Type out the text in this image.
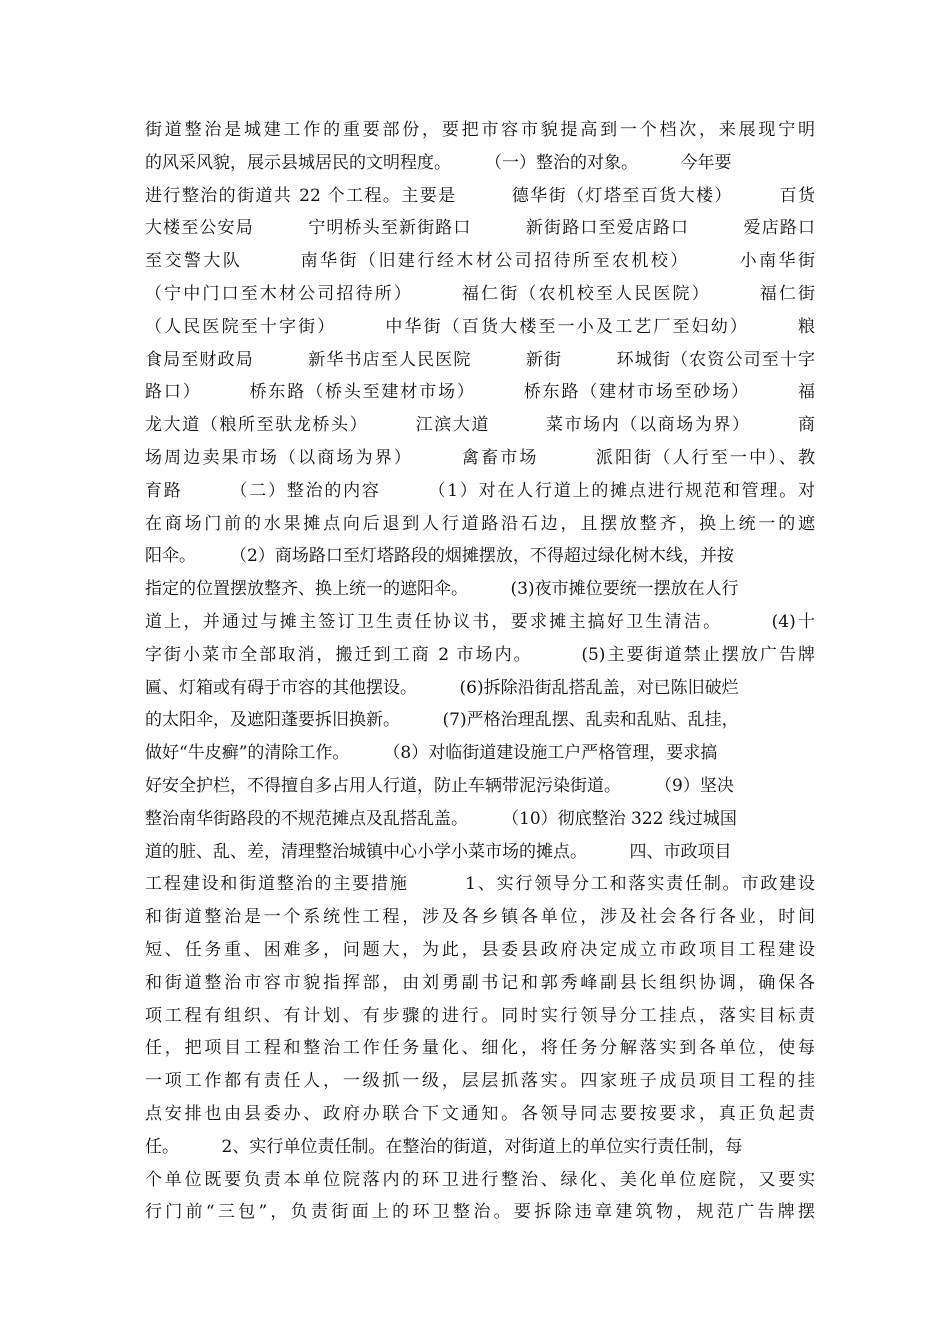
街道整治是城建工作的重要部份，要把市容市貌提高到一个档次，来展现宁明
的风采风貌，展示县城居民的文明程度。　　　（一）整治的对象。　　　今年要
进行整治的街道共 22 个工程。主要是　　　德华街（灯塔至百货大楼）　　　百货
大楼至公安局　　　宁明桥头至新街路口　　　新街路口至爱店路口　　　爱店路口
至交警大队　　　南华街（旧建行经木材公司招待所至农机校）　　　小南华街
（宁中门口至木材公司招待所）　　　福仁街（农机校至人民医院）　　　福仁街
（人民医院至十字街）　　　中华街（百货大楼至一小及工艺厂至妇幼）　　　粮
食局至财政局　　　新华书店至人民医院　　　新街　　　环城街（农资公司至十字
路口）　　　桥东路（桥头至建材市场）　　　桥东路（建材市场至砂场）　　　福
龙大道（粮所至驮龙桥头）　　　江滨大道　　　菜市场内（以商场为界）　　　商
场周边卖果市场（以商场为界）　　　禽畜市场　　　派阳街（人行至一中）、教
育路　　　（二）整治的内容　　　（1）对在人行道上的摊点进行规范和管理。对
在商场门前的水果摊点向后退到人行道路沿石边，且摆放整齐，换上统一的遮
阳伞。　　　（2）商场路口至灯塔路段的烟摊摆放，不得超过绿化树木线，并按
指定的位置摆放整齐、换上统一的遮阳伞。　　　(3)夜市摊位要统一摆放在人行
道上，并通过与摊主签订卫生责任协议书，要求摊主搞好卫生清洁。　　　(4)十
字街小菜市全部取消，搬迁到工商 2 市场内。　　　(5)主要街道禁止摆放广告牌
匾、灯箱或有碍于市容的其他摆设。　　　(6)拆除沿街乱搭乱盖，对已陈旧破烂
的太阳伞，及遮阳蓬要拆旧换新。　　　(7)严格治理乱摆、乱卖和乱贴、乱挂，
做好“牛皮癣”的清除工作。　　　（8）对临街道建设施工户严格管理，要求搞
好安全护栏，不得擅自多占用人行道，防止车辆带泥污染街道。　　　（9）坚决
整治南华街路段的不规范摊点及乱搭乱盖。　　　（10）彻底整治 322 线过城国
道的脏、乱、差，清理整治城镇中心小学小菜市场的摊点。　　　四、市政项目
工程建设和街道整治的主要措施　　　1、实行领导分工和落实责任制。市政建设
和街道整治是一个系统性工程，涉及各乡镇各单位，涉及社会各行各业，时间
短、任务重、困难多，问题大，为此，县委县政府决定成立市政项目工程建设
和街道整治市容市貌指挥部，由刘勇副书记和郭秀峰副县长组织协调，确保各
项工程有组织、有计划、有步骤的进行。同时实行领导分工挂点，落实目标责
任，把项目工程和整治工作任务量化、细化，将任务分解落实到各单位，使每
一项工作都有责任人，一级抓一级，层层抓落实。四家班子成员项目工程的挂
点安排也由县委办、政府办联合下文通知。各领导同志要按要求，真正负起责
任。　　　2、实行单位责任制。在整治的街道，对街道上的单位实行责任制，每
个单位既要负责本单位院落内的环卫进行整治、绿化、美化单位庭院，又要实
行门前“三包”，负责街面上的环卫整治。要拆除违章建筑物，规范广告牌摆
